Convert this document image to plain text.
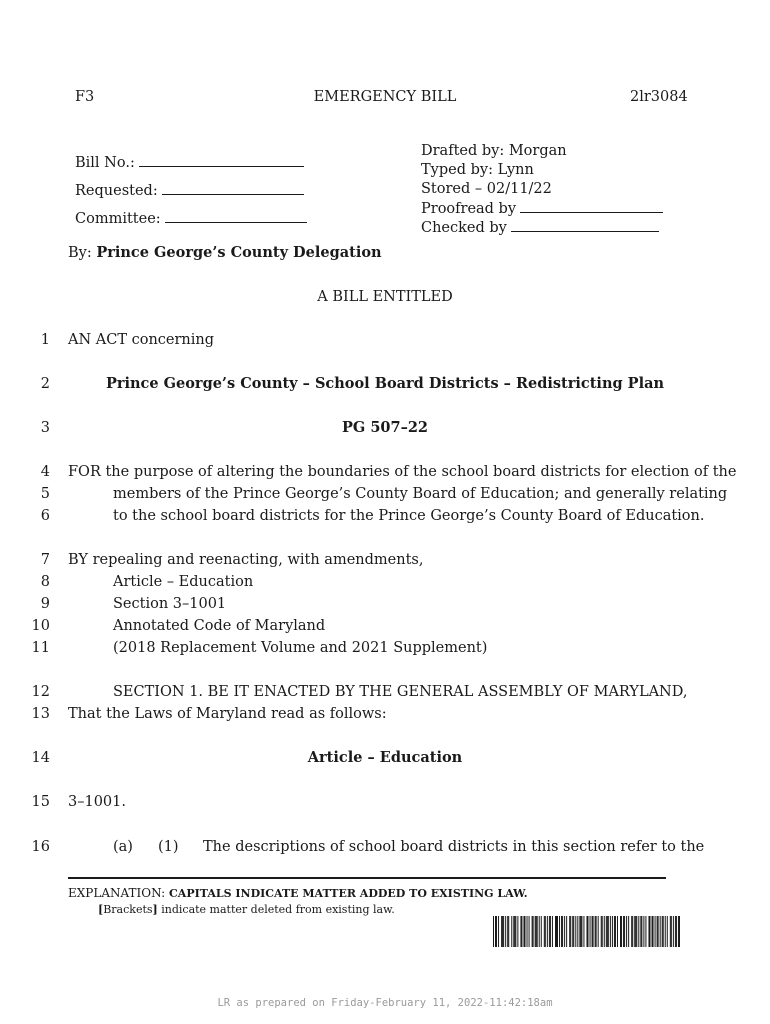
F3	EMERGENCY BILL	2lr3084
Bill No.:
Requested:
Committee:
Drafted by: Morgan
Typed by: Lynn
Stored – 02/11/22
Proofread by
Checked by
By: Prince George’s County Delegation
A BILL ENTITLED
1 AN ACT concerning
2	Prince George’s County – School Board Districts – Redistricting Plan
3	PG 507–22
4 FOR the purpose of altering the boundaries of the school board districts for election of the
5	members of the Prince George’s County Board of Education; and generally relating
6	to the school board districts for the Prince George’s County Board of Education.
7 BY repealing and reenacting, with amendments,
8	Article – Education
9	Section 3–1001
10	Annotated Code of Maryland
11	(2018 Replacement Volume and 2021 Supplement)
12	SECTION 1. BE IT ENACTED BY THE GENERAL ASSEMBLY OF MARYLAND,
13 That the Laws of Maryland read as follows:
14	Article – Education
15 3–1001.
16	(a) (1) The descriptions of school board districts in this section refer to the
EXPLANATION: CAPITALS INDICATE MATTER ADDED TO EXISTING LAW.
[Brackets] indicate matter deleted from existing law.
LR as prepared on Friday-February 11, 2022-11:42:18am
